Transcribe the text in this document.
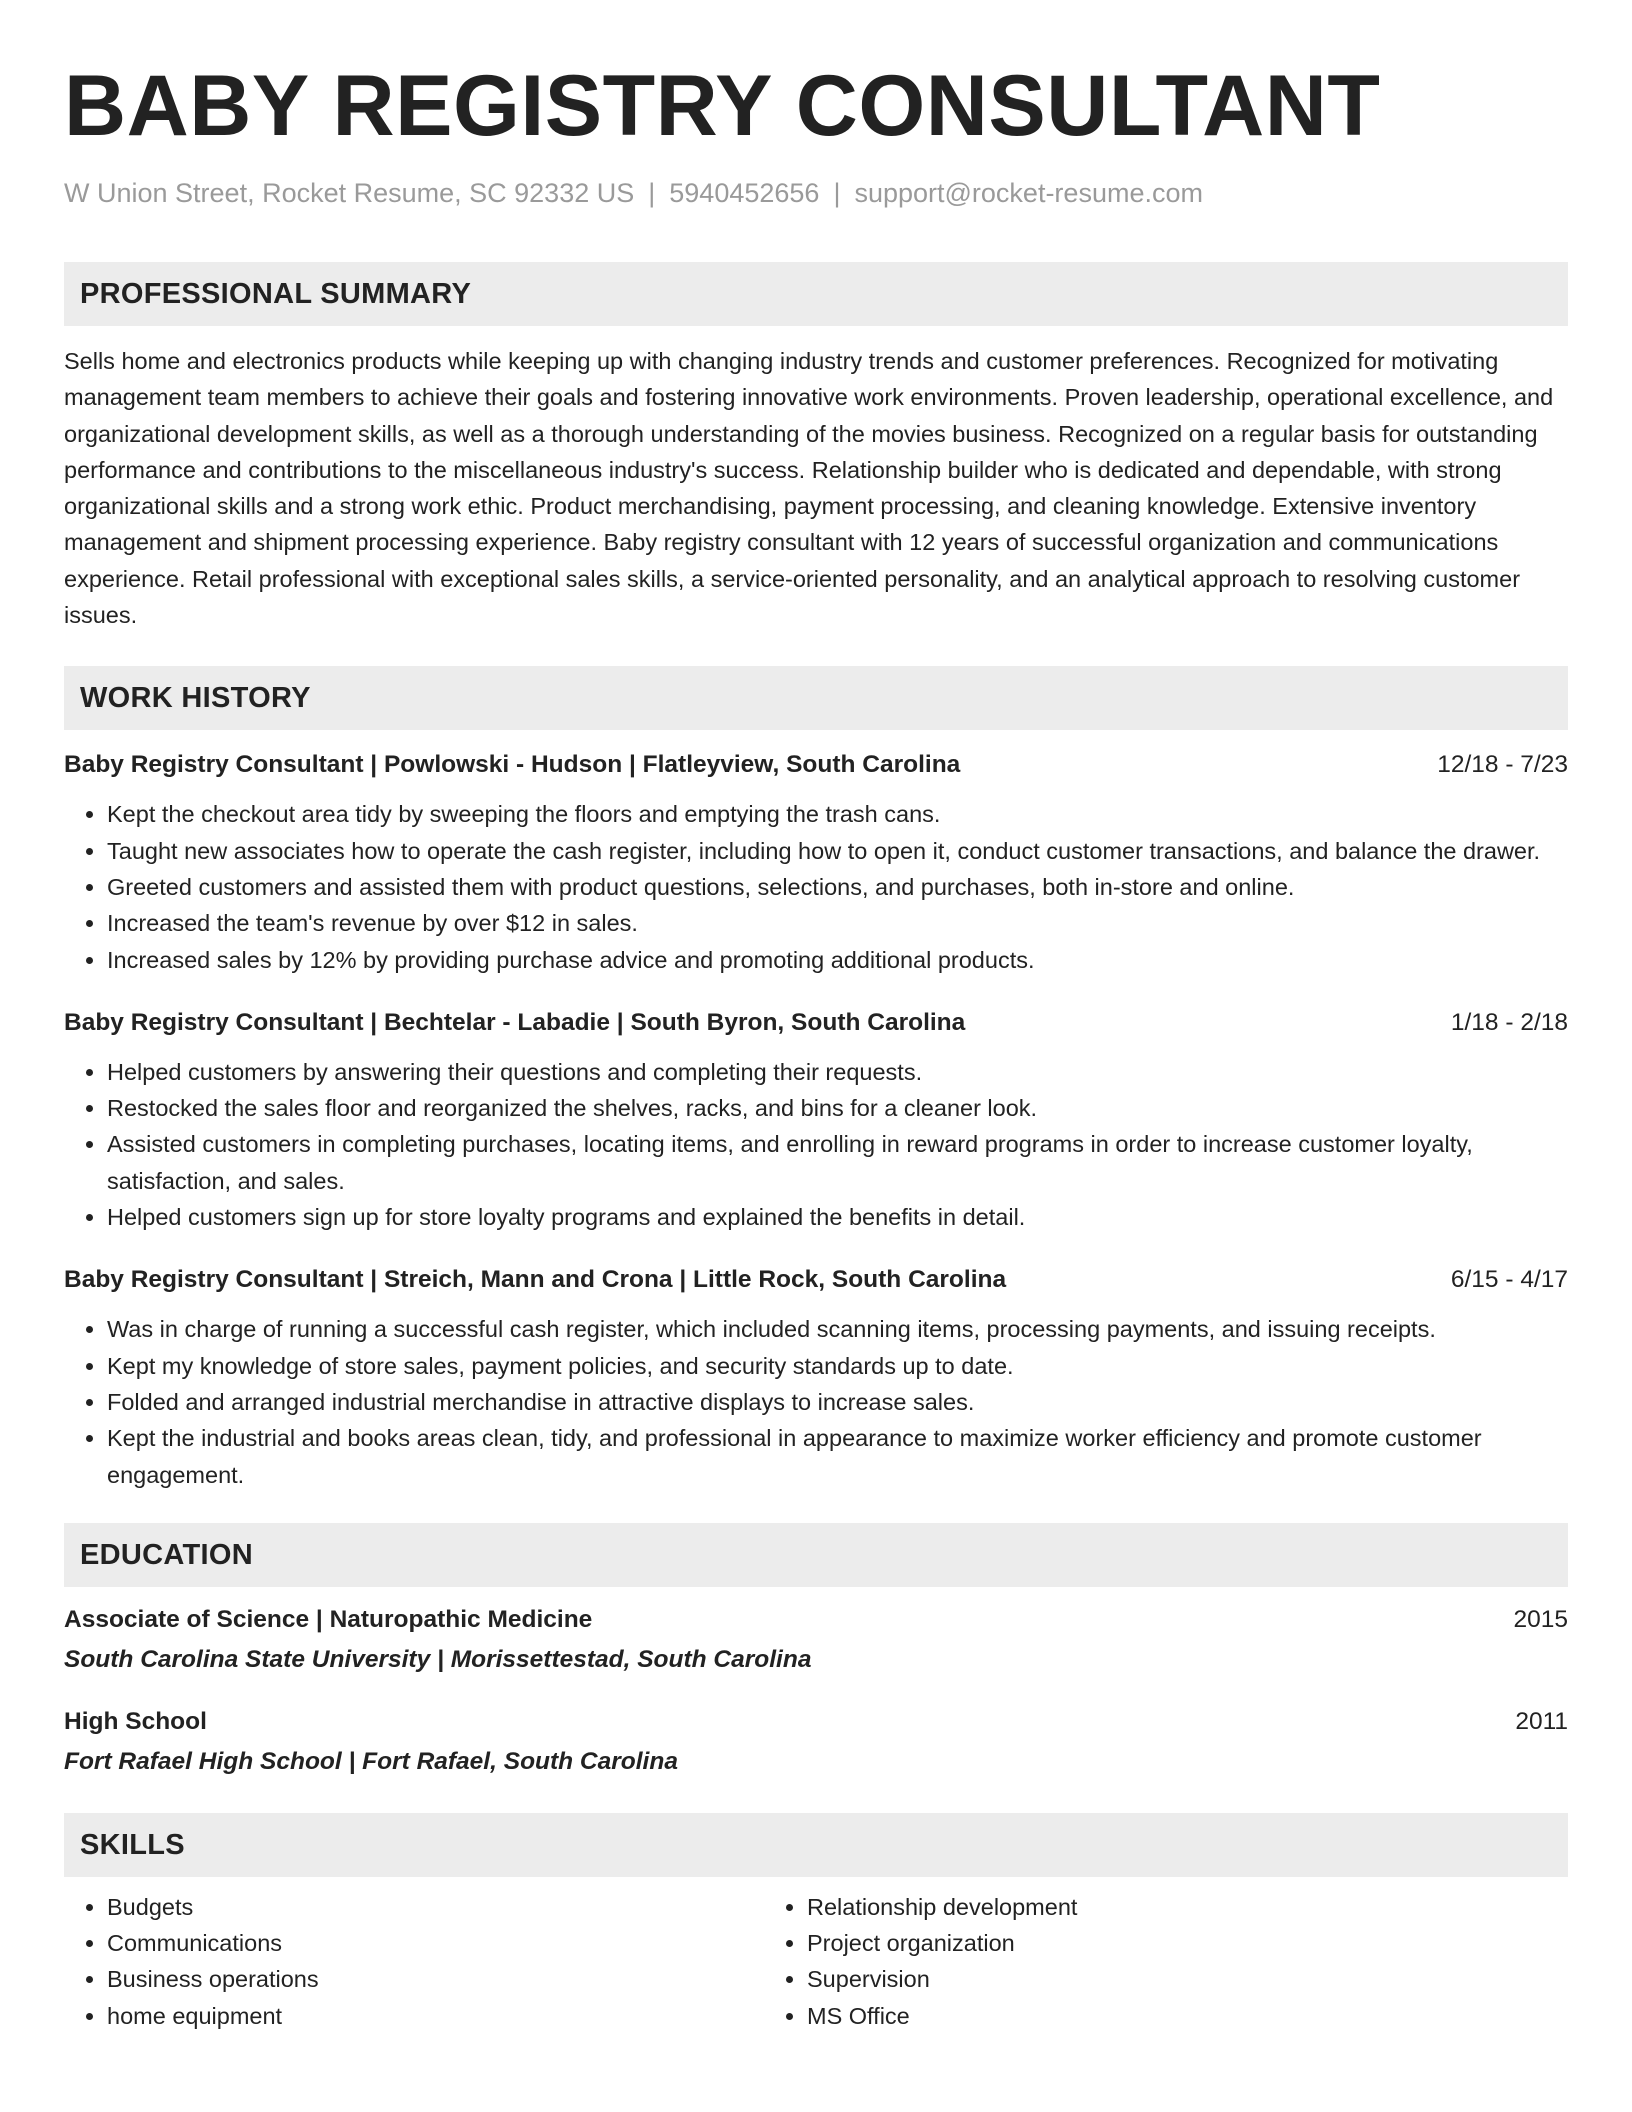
BABY REGISTRY CONSULTANT
W Union Street, Rocket Resume, SC 92332 US | 5940452656 | support@rocket-resume.com
PROFESSIONAL SUMMARY

Sells home and electronics products while keeping up with changing industry trends and customer preferences. Recognized for motivating management team members to achieve their goals and fostering innovative work environments. Proven leadership, operational excellence, and organizational development skills, as well as a thorough understanding of the movies business. Recognized on a regular basis for outstanding performance and contributions to the miscellaneous industry's success. Relationship builder who is dedicated and dependable, with strong organizational skills and a strong work ethic. Product merchandising, payment processing, and cleaning knowledge. Extensive inventory management and shipment processing experience. Baby registry consultant with 12 years of successful organization and communications experience. Retail professional with exceptional sales skills, a service-oriented personality, and an analytical approach to resolving customer issues.

WORK HISTORY
Baby Registry Consultant | Powlowski - Hudson | Flatleyview, South Carolina	12/18 - 7/23
• Kept the checkout area tidy by sweeping the floors and emptying the trash cans.
• Taught new associates how to operate the cash register, including how to open it, conduct customer transactions, and balance the drawer.
• Greeted customers and assisted them with product questions, selections, and purchases, both in-store and online.
• Increased the team's revenue by over $12 in sales.
• Increased sales by 12% by providing purchase advice and promoting additional products.
Baby Registry Consultant | Bechtelar - Labadie | South Byron, South Carolina	1/18 - 2/18
• Helped customers by answering their questions and completing their requests.
• Restocked the sales floor and reorganized the shelves, racks, and bins for a cleaner look.
• Assisted customers in completing purchases, locating items, and enrolling in reward programs in order to increase customer loyalty, satisfaction, and sales.
• Helped customers sign up for store loyalty programs and explained the benefits in detail.
Baby Registry Consultant | Streich, Mann and Crona | Little Rock, South Carolina	6/15 - 4/17
• Was in charge of running a successful cash register, which included scanning items, processing payments, and issuing receipts.
• Kept my knowledge of store sales, payment policies, and security standards up to date.
• Folded and arranged industrial merchandise in attractive displays to increase sales.
• Kept the industrial and books areas clean, tidy, and professional in appearance to maximize worker efficiency and promote customer engagement.
EDUCATION
Associate of Science | Naturopathic Medicine	2015
South Carolina State University | Morissettestad, South Carolina
High School	2011
Fort Rafael High School | Fort Rafael, South Carolina
SKILLS
• Budgets
• Communications
• Business operations
• home equipment
• Relationship development
• Project organization
• Supervision
• MS Office
